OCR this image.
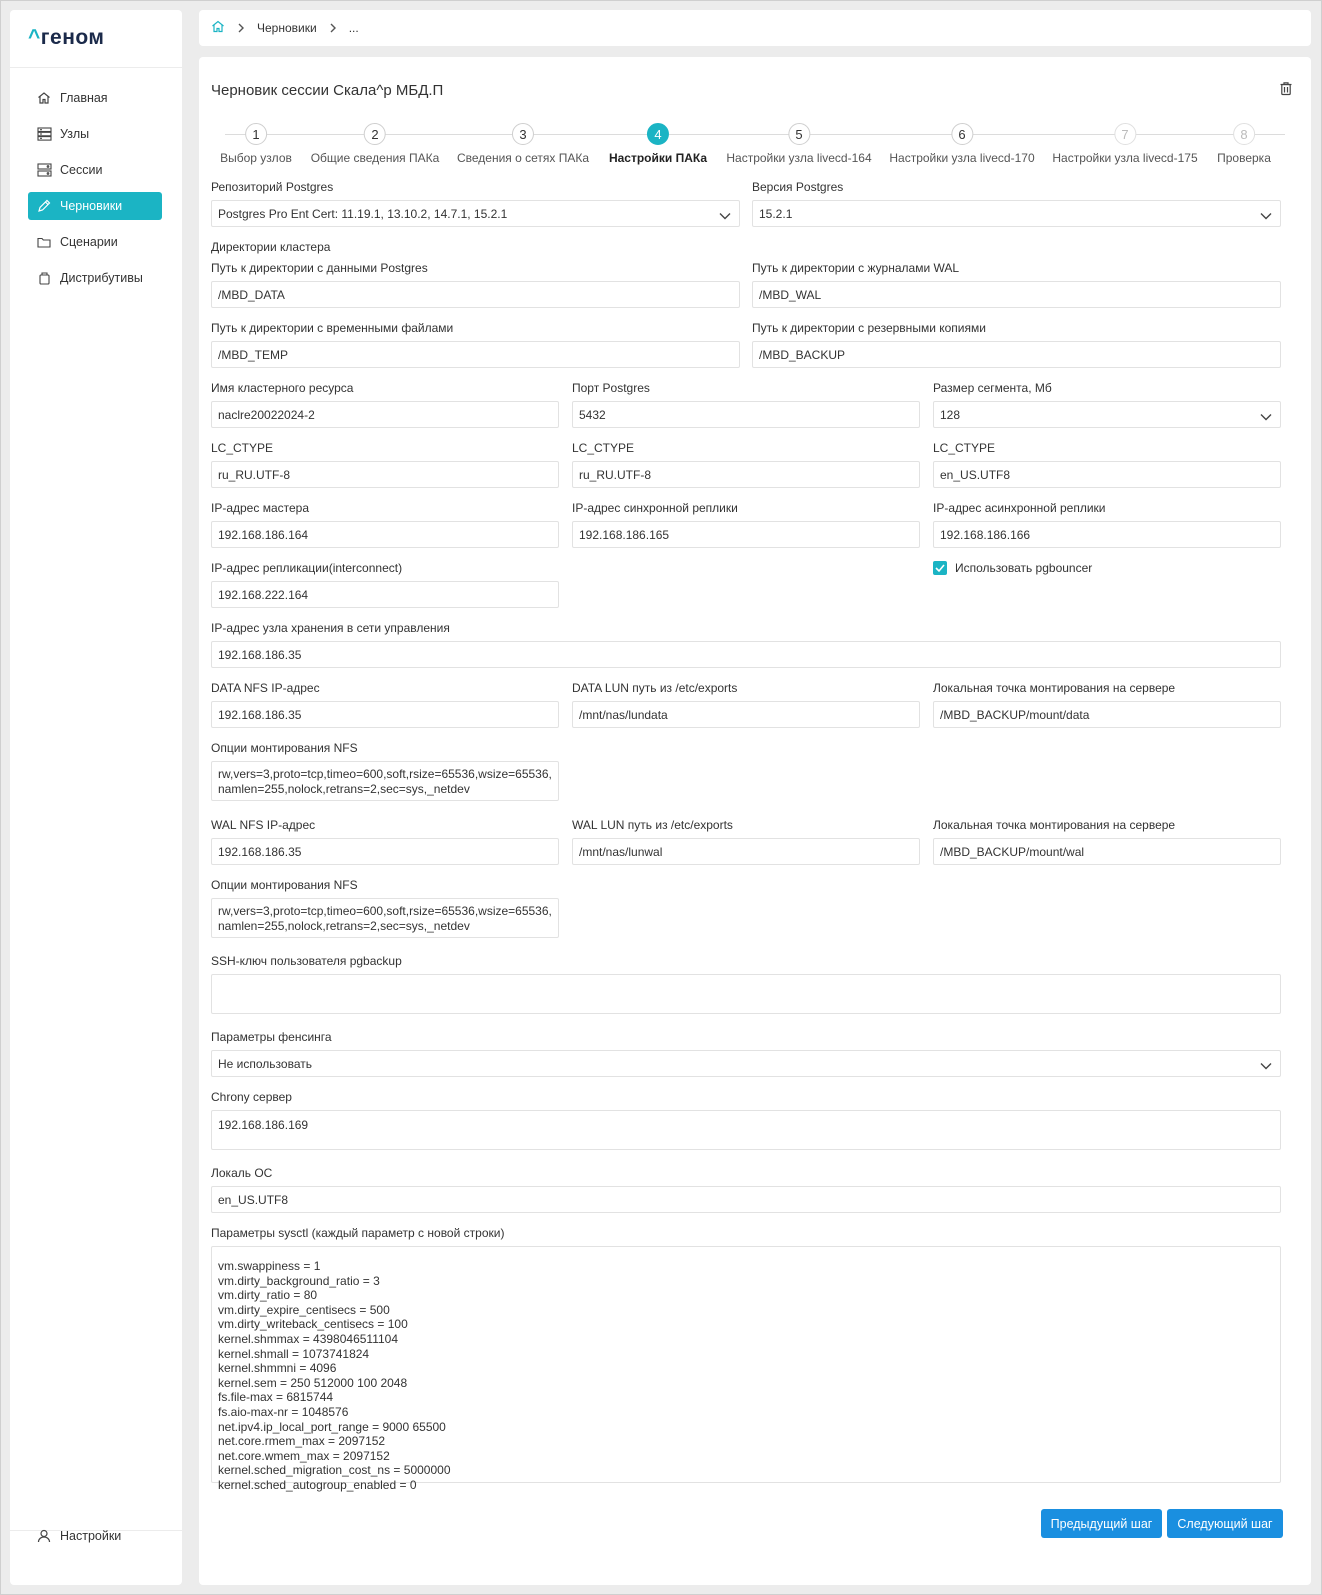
^геном
Главная
Узлы
Сессии
Черновики
Сценарии
Дистрибутивы
Настройки
Черновики	...
Черновик сессии Скала^р МБД.П
1
Выбор узлов
2
Общие сведения ПАКа
3
Сведения о сетях ПАКа
4
Настройки ПАКа
5
Настройки узла livecd-164
6
Настройки узла livecd-170
7
Настройки узла livecd-175
8
Проверка
Репозиторий Postgres
Postgres Pro Ent Cert: 11.19.1, 13.10.2, 14.7.1, 15.2.1
Версия Postgres
15.2.1
Директории кластера
Путь к директории с данными Postgres
/MBD_DATA
Путь к директории с журналами WAL
/MBD_WAL
Путь к директории с временными файлами
/MBD_TEMP
Путь к директории с резервными копиями
/MBD_BACKUP
Имя кластерного ресурса
naclre20022024-2
Порт Postgres
5432
Размер сегмента, Мб
128
LC_CTYPE
ru_RU.UTF-8
LC_CTYPE
ru_RU.UTF-8
LC_CTYPE
en_US.UTF8
IP-адрес мастера
192.168.186.164
IP-адрес синхронной реплики
192.168.186.165
IP-адрес асинхронной реплики
192.168.186.166
IP-адрес репликации(interconnect)
192.168.222.164
Использовать pgbouncer
IP-адрес узла хранения в сети управления
192.168.186.35
DATA NFS IP-адрес
192.168.186.35
DATA LUN путь из /etc/exports
/mnt/nas/lundata
Локальная точка монтирования на сервере
/MBD_BACKUP/mount/data
Опции монтирования NFS
rw,vers=3,proto=tcp,timeo=600,soft,rsize=65536,wsize=65536,
namlen=255,nolock,retrans=2,sec=sys,_netdev
WAL NFS IP-адрес
192.168.186.35
WAL LUN путь из /etc/exports
/mnt/nas/lunwal
Локальная точка монтирования на сервере
/MBD_BACKUP/mount/wal
Опции монтирования NFS
rw,vers=3,proto=tcp,timeo=600,soft,rsize=65536,wsize=65536,
namlen=255,nolock,retrans=2,sec=sys,_netdev
SSH-ключ пользователя pgbackup
Параметры фенсинга
Не использовать
Chrony сервер
192.168.186.169
Локаль ОС
en_US.UTF8
Параметры sysctl (каждый параметр с новой строки)
vm.swappiness = 1
vm.dirty_background_ratio = 3
vm.dirty_ratio = 80
vm.dirty_expire_centisecs = 500
vm.dirty_writeback_centisecs = 100
kernel.shmmax = 4398046511104
kernel.shmall = 1073741824
kernel.shmmni = 4096
kernel.sem = 250 512000 100 2048
fs.file-max = 6815744
fs.aio-max-nr = 1048576
net.ipv4.ip_local_port_range = 9000 65500
net.core.rmem_max = 2097152
net.core.wmem_max = 2097152
kernel.sched_migration_cost_ns = 5000000
kernel.sched_autogroup_enabled = 0
Предыдущий шаг	Следующий шаг
